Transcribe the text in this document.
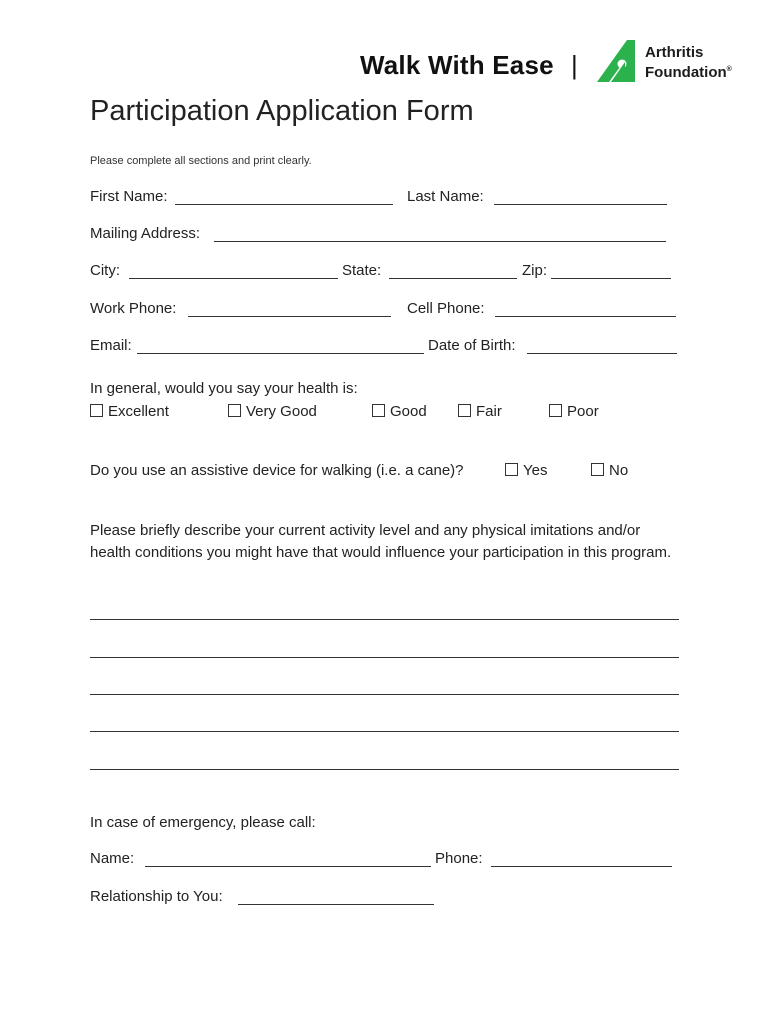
Walk With Ease |	Arthritis
Foundation®
Participation Application Form
Please complete all sections and print clearly.
First Name:	Last Name:
Mailing Address:
City:	State:	Zip:
Work Phone:	Cell Phone:
Email:	Date of Birth:
In general, would you say your health is:
Excellent	Very Good	Good	Fair	Poor
Do you use an assistive device for walking (i.e. a cane)?	Yes	No
Please briefly describe your current activity level and any physical imitations and/or health conditions you might have that would influence your participation in this program.
In case of emergency, please call:
Name:	Phone:
Relationship to You:
